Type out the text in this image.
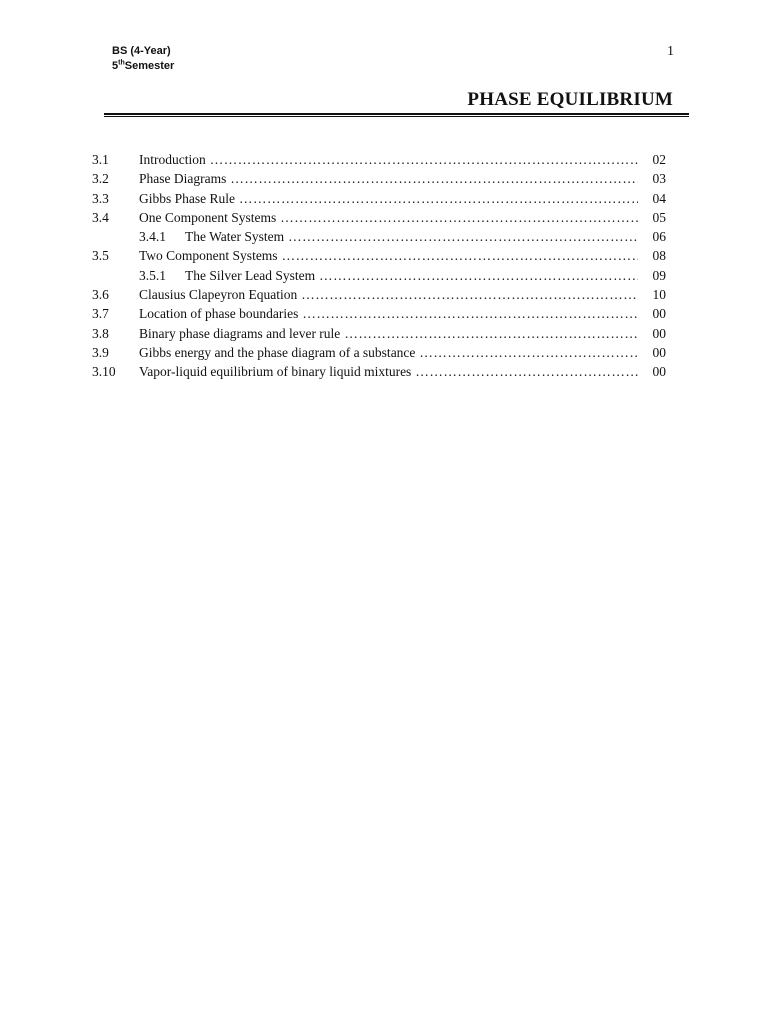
BS (4-Year)
5thSemester
1
PHASE EQUILIBRIUM
3.1	Introduction …………………………………………………………………………………………………………………………………………………………	02
3.2	Phase Diagrams …………………………………………………………………………………………………………………………………………………………	03
3.3	Gibbs Phase Rule …………………………………………………………………………………………………………………………………………………………	04
3.4	One Component Systems …………………………………………………………………………………………………………………………………………………………	05
3.4.1	The Water System …………………………………………………………………………………………………………………………………………………………	06
3.5	Two Component Systems …………………………………………………………………………………………………………………………………………………………	08
3.5.1	The Silver Lead System …………………………………………………………………………………………………………………………………………………………	09
3.6	Clausius Clapeyron Equation …………………………………………………………………………………………………………………………………………………………	10
3.7	Location of phase boundaries …………………………………………………………………………………………………………………………………………………………	00
3.8	Binary phase diagrams and lever rule …………………………………………………………………………………………………………………………………………………………	00
3.9	Gibbs energy and the phase diagram of a substance …………………………………………………………………………………………………………………………………………………………	00
3.10	Vapor-liquid equilibrium of binary liquid mixtures …………………………………………………………………………………………………………………………………………………………	00
